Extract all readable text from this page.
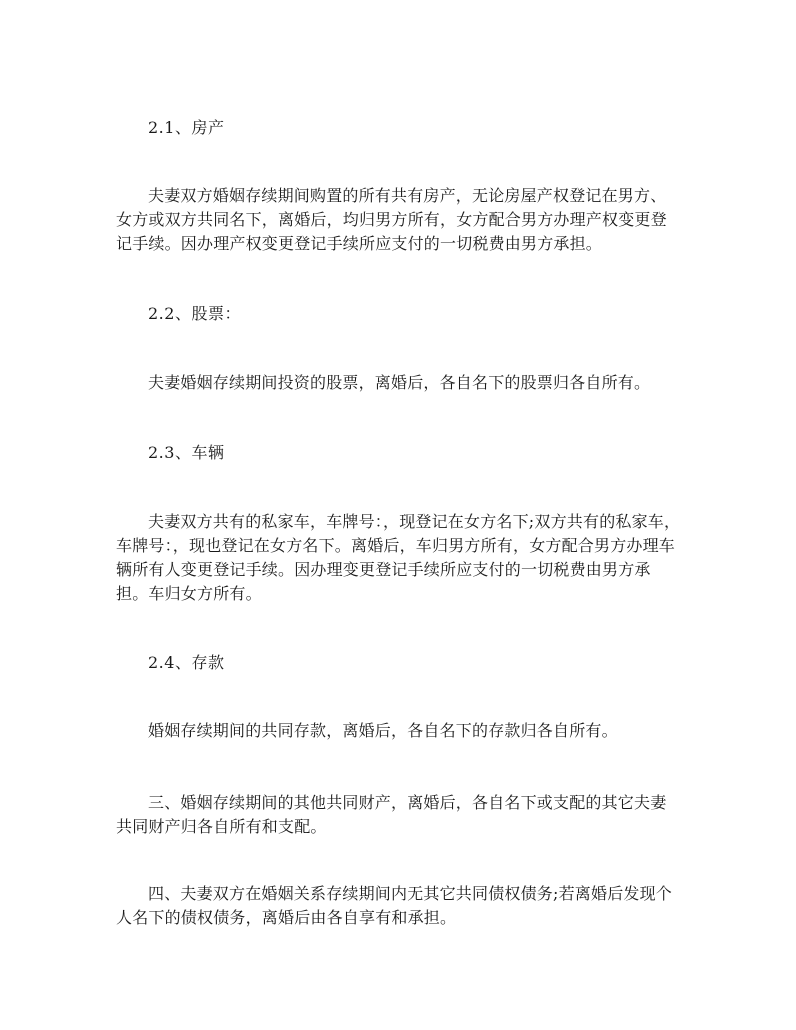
2.1、房产
夫妻双方婚姻存续期间购置的所有共有房产，无论房屋产权登记在男方、女方或双方共同名下，离婚后，均归男方所有，女方配合男方办理产权变更登记手续。因办理产权变更登记手续所应支付的一切税费由男方承担。
2.2、股票：
夫妻婚姻存续期间投资的股票，离婚后，各自名下的股票归各自所有。
2.3、车辆
夫妻双方共有的私家车，车牌号：，现登记在女方名下;双方共有的私家车，车牌号：，现也登记在女方名下。离婚后，车归男方所有，女方配合男方办理车辆所有人变更登记手续。因办理变更登记手续所应支付的一切税费由男方承担。车归女方所有。
2.4、存款
婚姻存续期间的共同存款，离婚后，各自名下的存款归各自所有。
三、婚姻存续期间的其他共同财产，离婚后，各自名下或支配的其它夫妻共同财产归各自所有和支配。
四、夫妻双方在婚姻关系存续期间内无其它共同债权债务;若离婚后发现个人名下的债权债务，离婚后由各自享有和承担。
